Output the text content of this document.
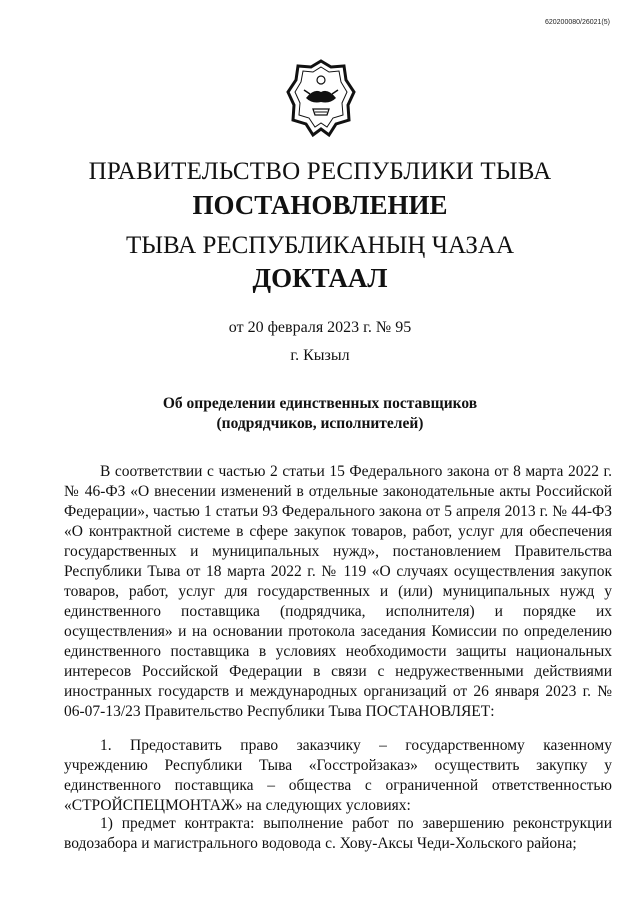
620200080/26021(5)
ПРАВИТЕЛЬСТВО РЕСПУБЛИКИ ТЫВА
ПОСТАНОВЛЕНИЕ
ТЫВА РЕСПУБЛИКАНЫҢ ЧАЗАА
ДОКТААЛ
от 20 февраля 2023 г. № 95
г. Кызыл
Об определении единственных поставщиков
(подрядчиков, исполнителей)
В соответствии с частью 2 статьи 15 Федерального закона от 8 марта 2022 г. № 46-ФЗ «О внесении изменений в отдельные законодательные акты Российской Федерации», частью 1 статьи 93 Федерального закона от 5 апреля 2013 г. № 44-ФЗ «О контрактной системе в сфере закупок товаров, работ, услуг для обеспечения государственных и муниципальных нужд», постановлением Правительства Республики Тыва от 18 марта 2022 г. № 119 «О случаях осуществления закупок товаров, работ, услуг для государственных и (или) муниципальных нужд у единственного поставщика (подрядчика, исполнителя) и порядке их осуществления» и на основании протокола заседания Комиссии по определению единственного поставщика в условиях необходимости защиты национальных интересов Российской Федерации в связи с недружественными действиями иностранных государств и международных организаций от 26 января 2023 г. № 06-07-13/23 Правительство Республики Тыва ПОСТАНОВЛЯЕТ:
1. Предоставить право заказчику – государственному казенному учреждению Республики Тыва «Госстройзаказ» осуществить закупку у единственного поставщика – общества с ограниченной ответственностью «СТРОЙСПЕЦМОНТАЖ» на следующих условиях:
1) предмет контракта: выполнение работ по завершению реконструкции водозабора и магистрального водовода с. Хову-Аксы Чеди-Хольского района;
